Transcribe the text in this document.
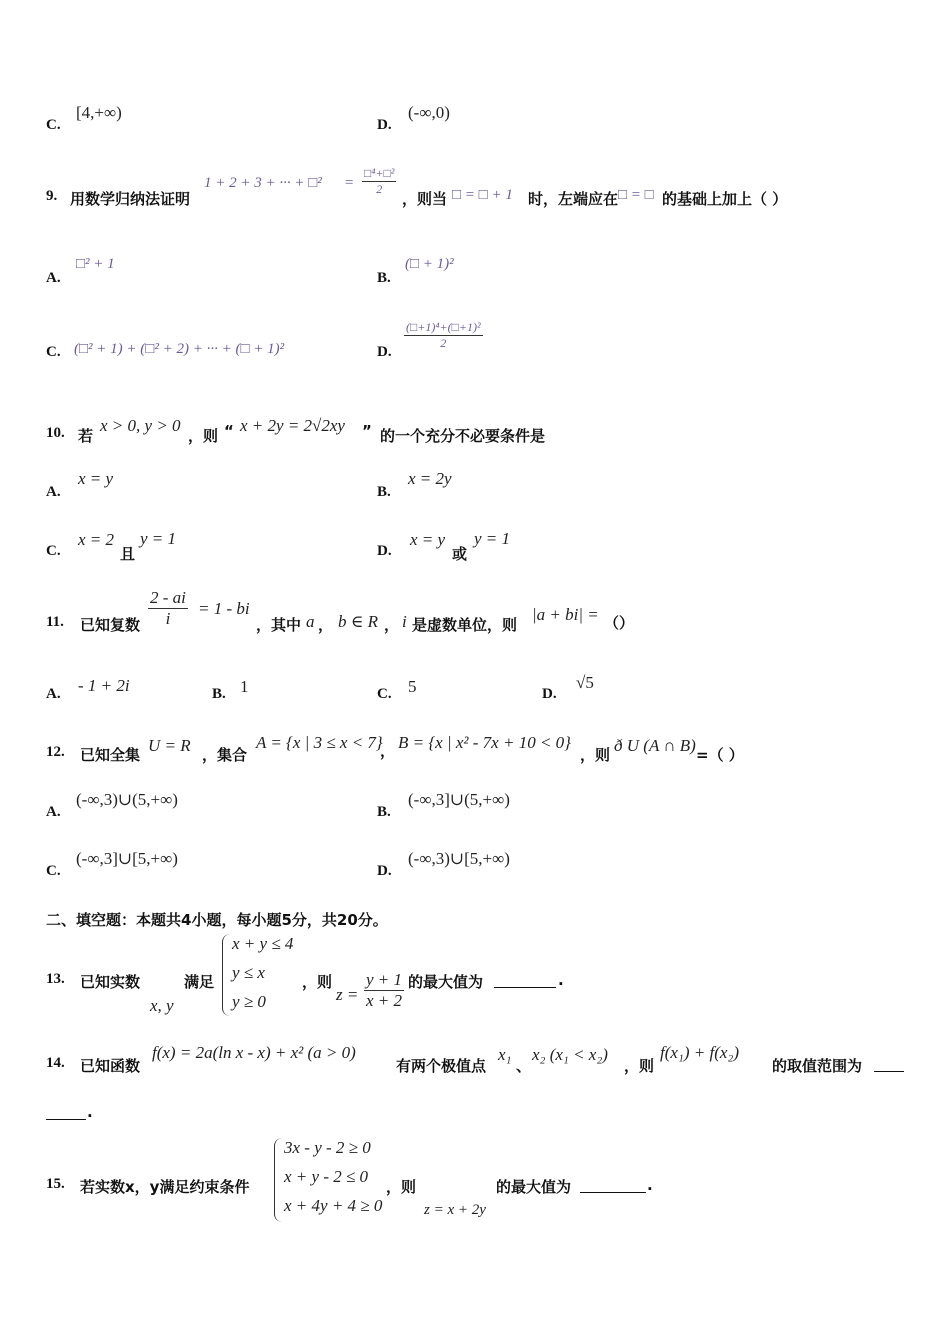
C.
[4,+∞)
D.
(-∞,0)
9. 用数学归纳法证明
1 + 2 + 3 + ··· + □² =
□⁴+□²
2
，则当 □ = □ + 1 时，左端应在 □ = □ 的基础上加上（ ）
A.
□² + 1
B.
(□ + 1)²
C. (□² + 1) + (□² + 2) + ··· + (□ + 1)²	D.
$\frac{\text{(□+1)⁴+(□+1)²}}{2}$
10. 若
x > 0, y > 0
，则 “ x + 2y = 2√2xy ” 的一个充分不必要条件是
A.
x = y
B.
x = 2y
C.
x = 2
且
y = 1
D.
x = y
或
y = 1
11. 已知复数 $\frac{2 - ai}{i} = 1$ - bi
，其中 a ， b ∈ R ， i 是虚数单位，则
|a + bi| = （）
A. - 1 + 2i	B. 1	C. 5	D.
√5
12. 已知全集 U = R ，集合
A = {x | 3 ≤ x < 7}
， B = {x | x² - 7x + 10 < 0}
，则 ð U (A ∩ B) =（ ）
A.
(-∞,3)∪(5,+∞)
B.
(-∞,3]∪(5,+∞)
C.
(-∞,3]∪[5,+∞)
D.
(-∞,3)∪[5,+∞)
二、填空题：本题共4小题，每小题5分，共20分。
13. 已知实数
x, y
满足
x + y ≤ 4
y ≤ x
y ≥ 0
，则
$z = \frac{y + 1}{x + 2}$ 的最大值为	.
14. 已知函数
f(x) = 2a(ln x - x) + x² (a > 0)
有两个极值点
x₁
、
x₂ (x₁ < x₂)
，则
f(x₁) + f(x₂)
的取值范围为
.
15. 若实数x，y满足约束条件
3x - y - 2 ≥ 0
x + y - 2 ≤ 0
x + 4y + 4 ≥ 0
，则
z = x + 2y
的最大值为	.
